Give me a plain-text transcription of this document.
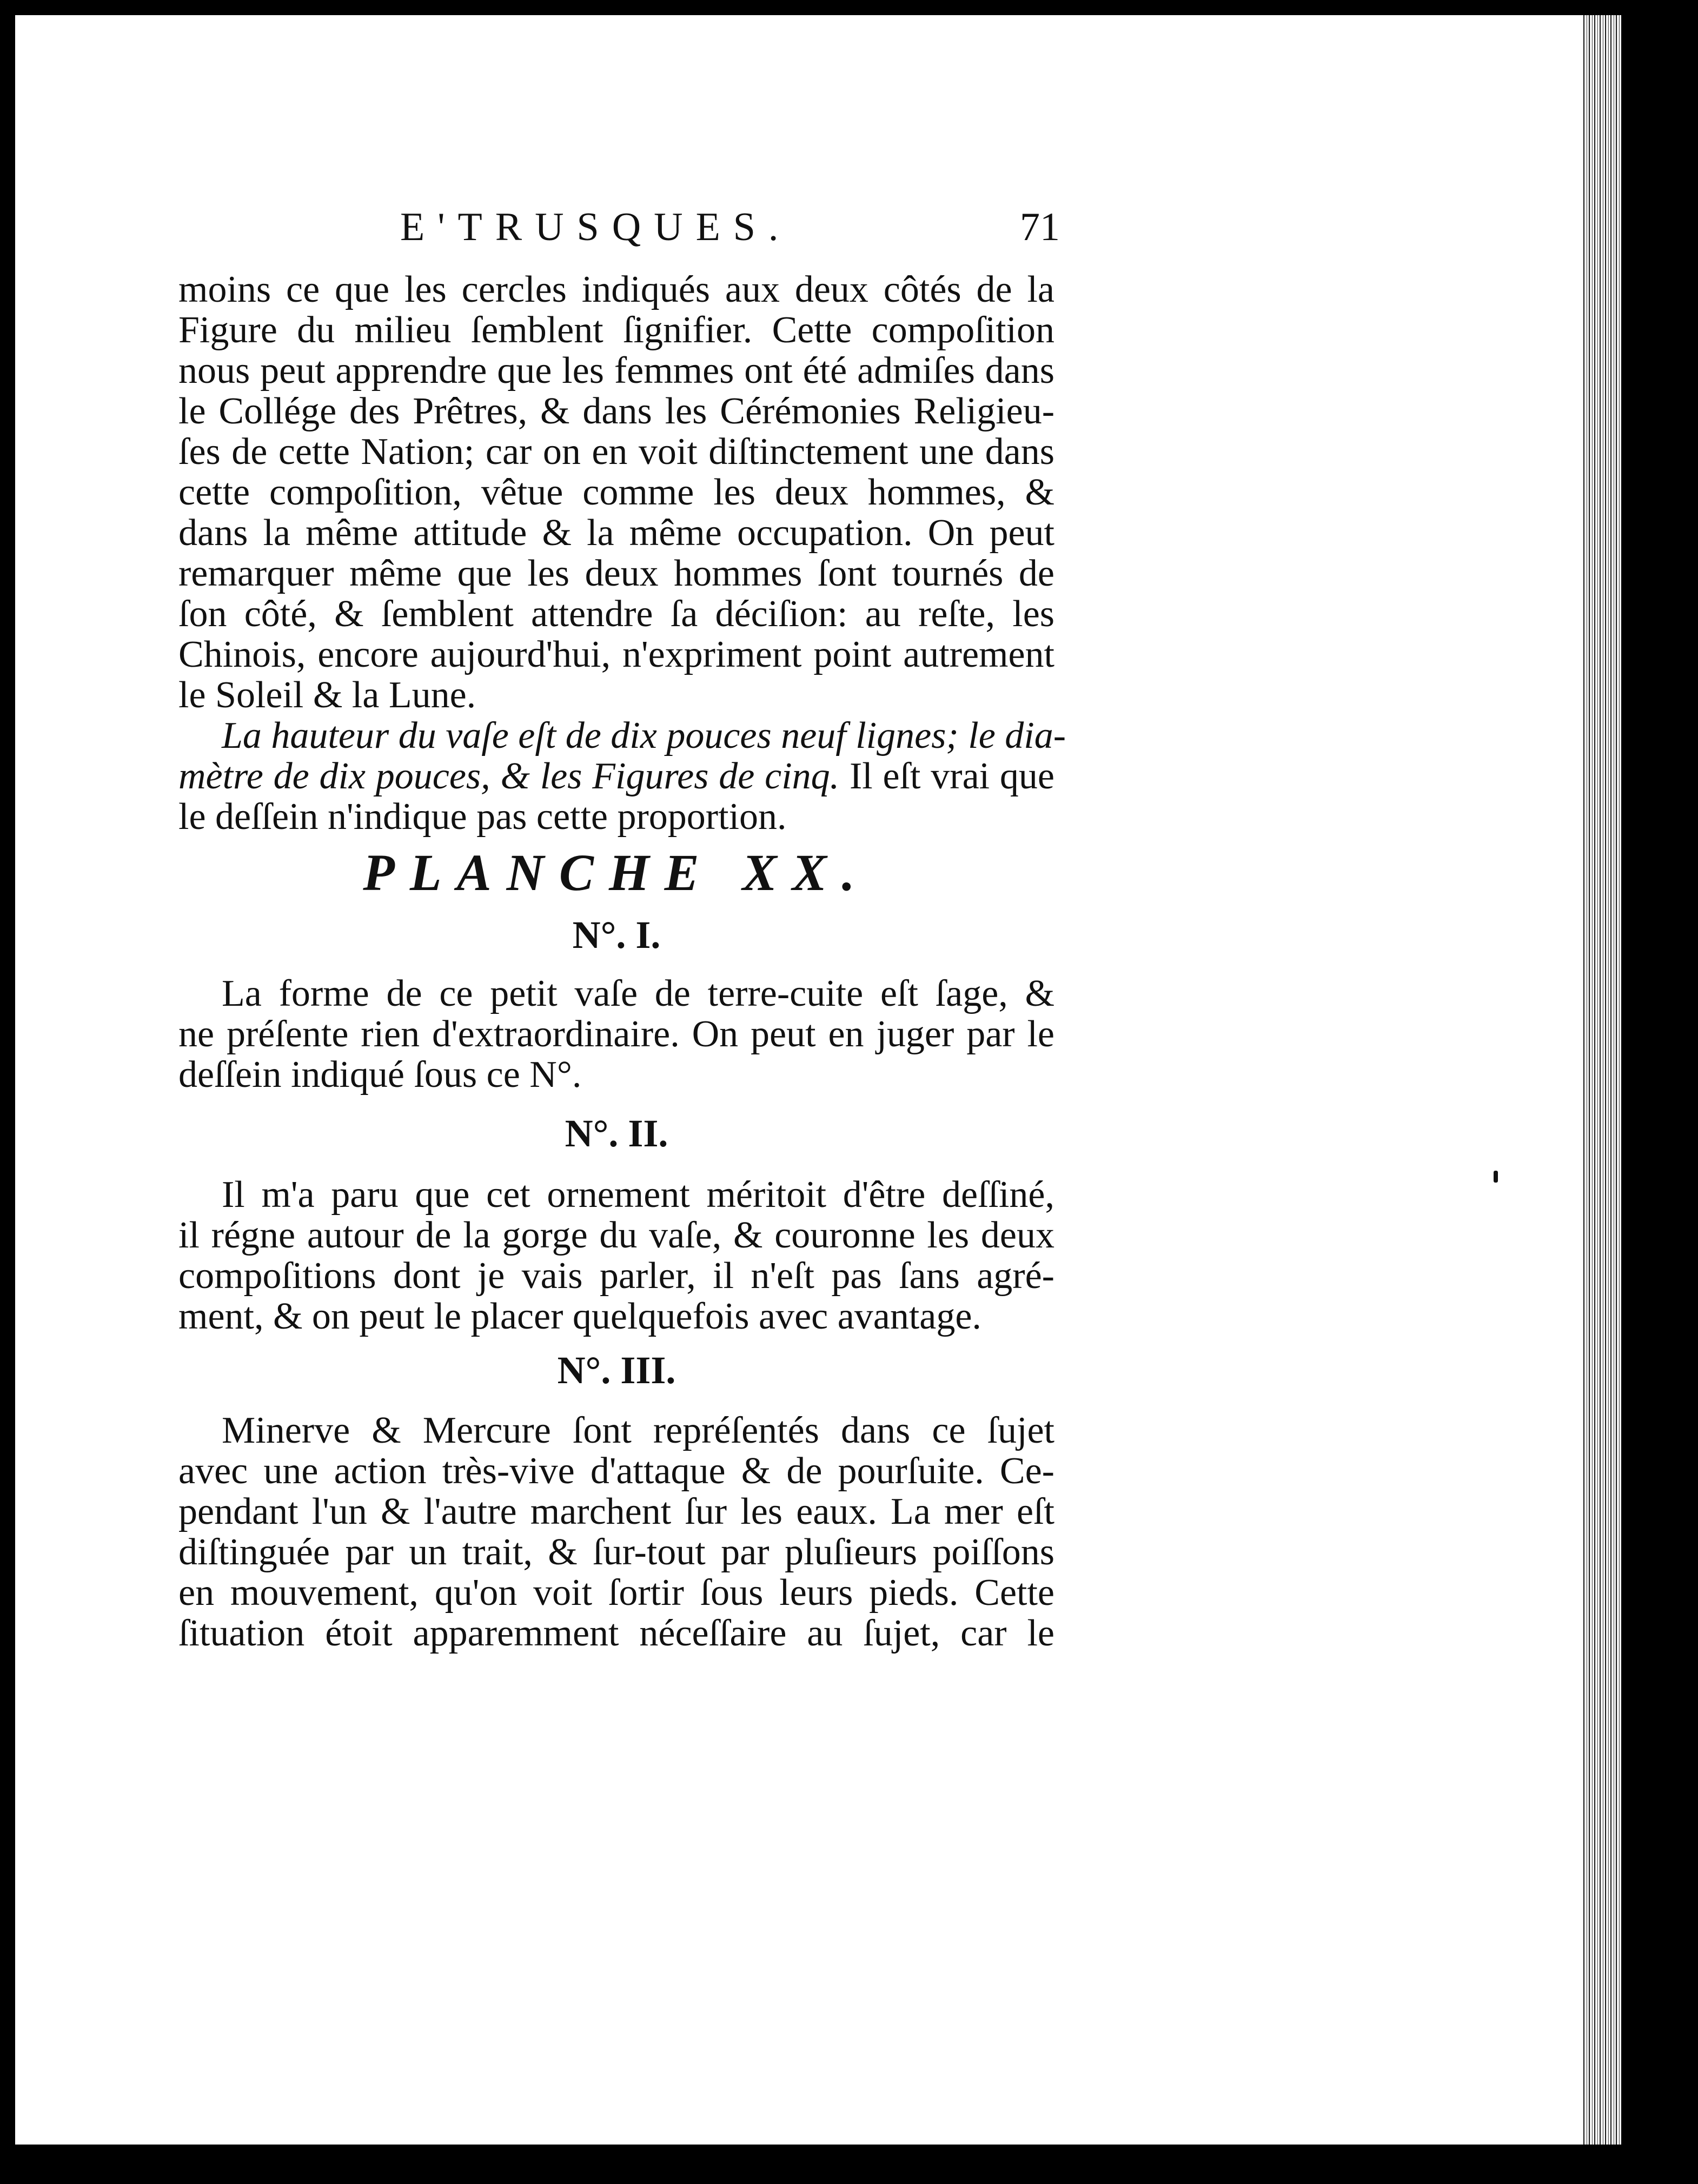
E'TRUSQUES.	71
moins ce que les cercles indiqués aux deux côtés de la
Figure du milieu ſemblent ſignifier. Cette compoſition
nous peut apprendre que les femmes ont été admiſes dans
le Collége des Prêtres, & dans les Cérémonies Religieu-
ſes de cette Nation; car on en voit diſtinctement une dans
cette compoſition, vêtue comme les deux hommes, &
dans la même attitude & la même occupation. On peut
remarquer même que les deux hommes ſont tournés de
ſon côté, & ſemblent attendre ſa déciſion: au reſte, les
Chinois, encore aujourd'hui, n'expriment point autrement
le Soleil & la Lune.
La hauteur du vaſe eſt de dix pouces neuf lignes; le dia-
mètre de dix pouces, & les Figures de cinq. Il eſt vrai que
le deſſein n'indique pas cette proportion.
PLANCHE XX.
N°. I.
La forme de ce petit vaſe de terre-cuite eſt ſage, &
ne préſente rien d'extraordinaire. On peut en juger par le
deſſein indiqué ſous ce N°.
N°. II.
Il m'a paru que cet ornement méritoit d'être deſſiné,
il régne autour de la gorge du vaſe, & couronne les deux
compoſitions dont je vais parler, il n'eſt pas ſans agré-
ment, & on peut le placer quelquefois avec avantage.
N°. III.
Minerve & Mercure ſont repréſentés dans ce ſujet
avec une action très-vive d'attaque & de pourſuite. Ce-
pendant l'un & l'autre marchent ſur les eaux. La mer eſt
diſtinguée par un trait, & ſur-tout par pluſieurs poiſſons
en mouvement, qu'on voit ſortir ſous leurs pieds. Cette
ſituation étoit apparemment néceſſaire au ſujet, car le
